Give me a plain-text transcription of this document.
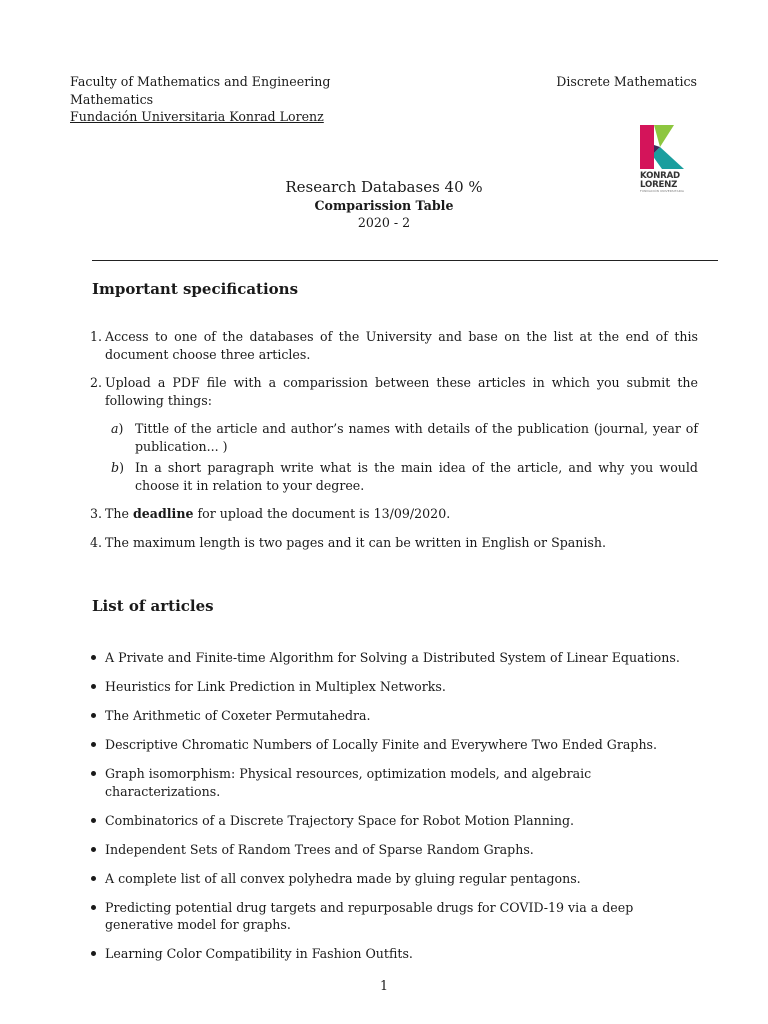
Faculty of Mathematics and Engineering
Mathematics
Fundación Universitaria Konrad Lorenz
Discrete Mathematics
KONRAD
LORENZ
FUNDACIÓN UNIVERSITARIA
Research Databases 40 %
Comparission Table
2020 - 2
Important specifications
1. Access to one of the databases of the University and base on the list at the end of this document choose three articles.
2. Upload a PDF file with a comparission between these articles in which you submit the following things:
a) Tittle of the article and author’s names with details of the publication (journal, year of publication... )
b) In a short paragraph write what is the main idea of the article, and why you would choose it in relation to your degree.
3. The deadline for upload the document is 13/09/2020.
4. The maximum length is two pages and it can be written in English or Spanish.
List of articles
A Private and Finite-time Algorithm for Solving a Distributed System of Linear Equations.
Heuristics for Link Prediction in Multiplex Networks.
The Arithmetic of Coxeter Permutahedra.
Descriptive Chromatic Numbers of Locally Finite and Everywhere Two Ended Graphs.
Graph isomorphism: Physical resources, optimization models, and algebraic characterizations.
Combinatorics of a Discrete Trajectory Space for Robot Motion Planning.
Independent Sets of Random Trees and of Sparse Random Graphs.
A complete list of all convex polyhedra made by gluing regular pentagons.
Predicting potential drug targets and repurposable drugs for COVID-19 via a deep generative model for graphs.
Learning Color Compatibility in Fashion Outfits.
1
